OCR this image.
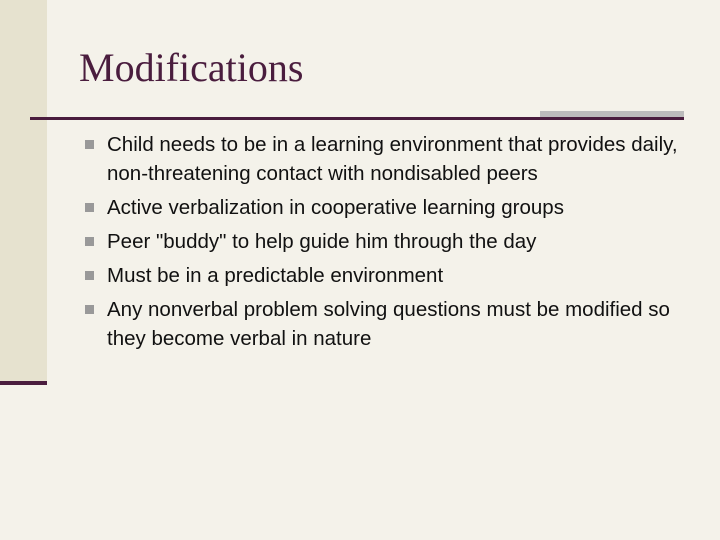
Modifications
Child needs to be in a learning environment that provides daily, non-threatening contact with nondisabled peers
Active verbalization in cooperative learning groups
Peer "buddy" to help guide him through the day
Must be in a predictable environment
Any nonverbal problem solving questions must be modified so they become verbal in nature
